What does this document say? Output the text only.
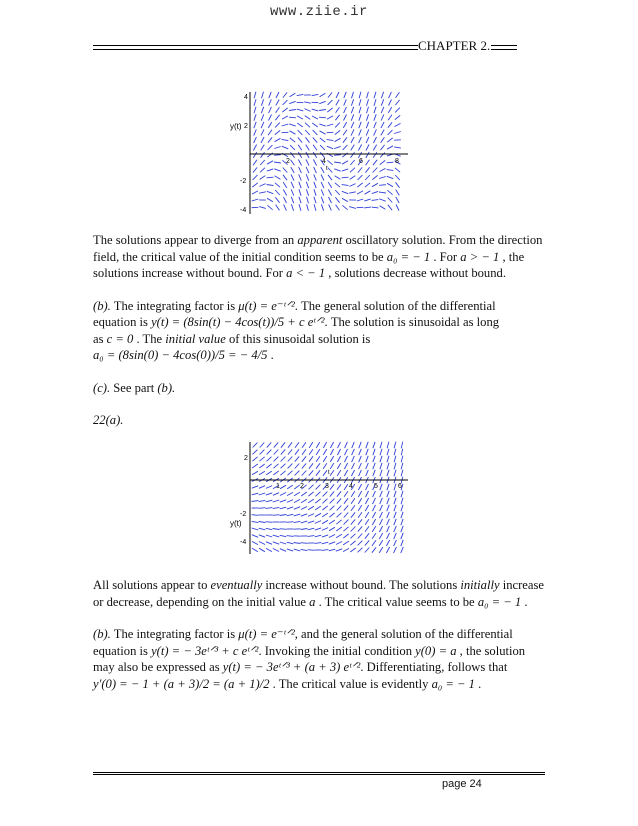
www.ziie.ir
CHAPTER 2.
y(t)
4
2
-2
-4
2	4	6	8
t

The solutions appear to diverge from an apparent oscillatory solution. From the direction
field, the critical value of the initial condition seems to be a₀ = − 1 . For a > − 1 , the
solutions increase without bound. For a < − 1 , solutions decrease without bound.

(b). The integrating factor is μ(t) = e⁻ᵗᐟ². The general solution of the differential
equation is y(t) = (8sin(t) − 4cos(t))/5 + c eᵗᐟ². The solution is sinusoidal as long
as c = 0 . The initial value of this sinusoidal solution is
a₀ = (8sin(0) − 4cos(0))/5 = − 4/5 .

(c). See part (b).

22(a).

y(t)
2
-2
-4
1	2	3	4	5	6
t

All solutions appear to eventually increase without bound. The solutions initially increase
or decrease, depending on the initial value a . The critical value seems to be a₀ = − 1 .

(b). The integrating factor is μ(t) = e⁻ᵗᐟ², and the general solution of the differential
equation is y(t) = − 3eᵗᐟ³ + c eᵗᐟ². Invoking the initial condition y(0) = a , the solution
may also be expressed as y(t) = − 3eᵗᐟ³ + (a + 3) eᵗᐟ². Differentiating, follows that
y′(0) = − 1 + (a + 3)/2 = (a + 1)/2 . The critical value is evidently a₀ = − 1 .

page 24
